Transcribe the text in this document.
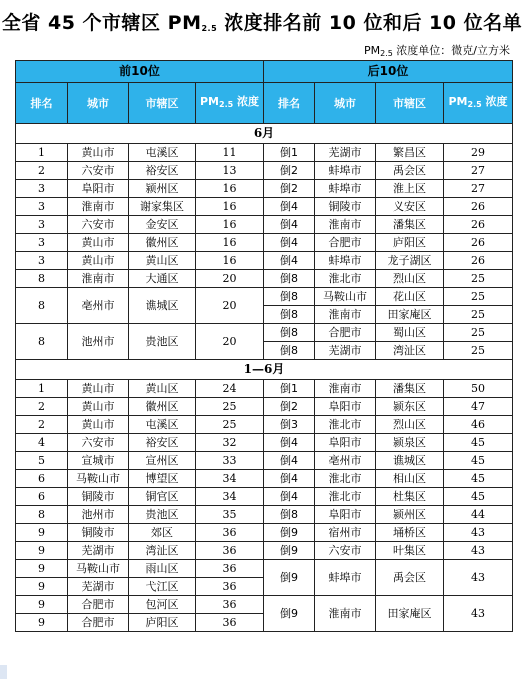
全省 45 个市辖区 $PM_{2.5}$ 浓度排名前 10 位和后 10 位名单
$PM_{2.5}$ 浓度单位：微克/立方米
前10位				后10位			
排名	城市	市辖区	$PM_{2.5}$ 浓度	排名	城市	市辖区	$PM_{2.5}$ 浓度
6月							
1	黄山市	屯溪区	11	倒1	芜湖市	繁昌区	29
2	六安市	裕安区	13	倒2	蚌埠市	禹会区	27
3	阜阳市	颍州区	16	倒2	蚌埠市	淮上区	27
3	淮南市	谢家集区	16	倒4	铜陵市	义安区	26
3	六安市	金安区	16	倒4	淮南市	潘集区	26
3	黄山市	徽州区	16	倒4	合肥市	庐阳区	26
3	黄山市	黄山区	16	倒4	蚌埠市	龙子湖区	26
8	淮南市	大通区	20	倒8	淮北市	烈山区	25
8	亳州市	谯城区	20	倒8	马鞍山市	花山区	25
				倒8	淮南市	田家庵区	25
8	池州市	贵池区	20	倒8	合肥市	蜀山区	25
				倒8	芜湖市	湾沚区	25
1—6月							
1	黄山市	黄山区	24	倒1	淮南市	潘集区	50
2	黄山市	徽州区	25	倒2	阜阳市	颍东区	47
2	黄山市	屯溪区	25	倒3	淮北市	烈山区	46
4	六安市	裕安区	32	倒4	阜阳市	颍泉区	45
5	宣城市	宣州区	33	倒4	亳州市	谯城区	45
6	马鞍山市	博望区	34	倒4	淮北市	相山区	45
6	铜陵市	铜官区	34	倒4	淮北市	杜集区	45
8	池州市	贵池区	35	倒8	阜阳市	颍州区	44
9	铜陵市	郊区	36	倒9	宿州市	埇桥区	43
9	芜湖市	湾沚区	36	倒9	六安市	叶集区	43
9	马鞍山市	雨山区	36	倒9	蚌埠市	禹会区	43
9	芜湖市	弋江区	36				
9	合肥市	包河区	36	倒9	淮南市	田家庵区	43
9	合肥市	庐阳区	36				
